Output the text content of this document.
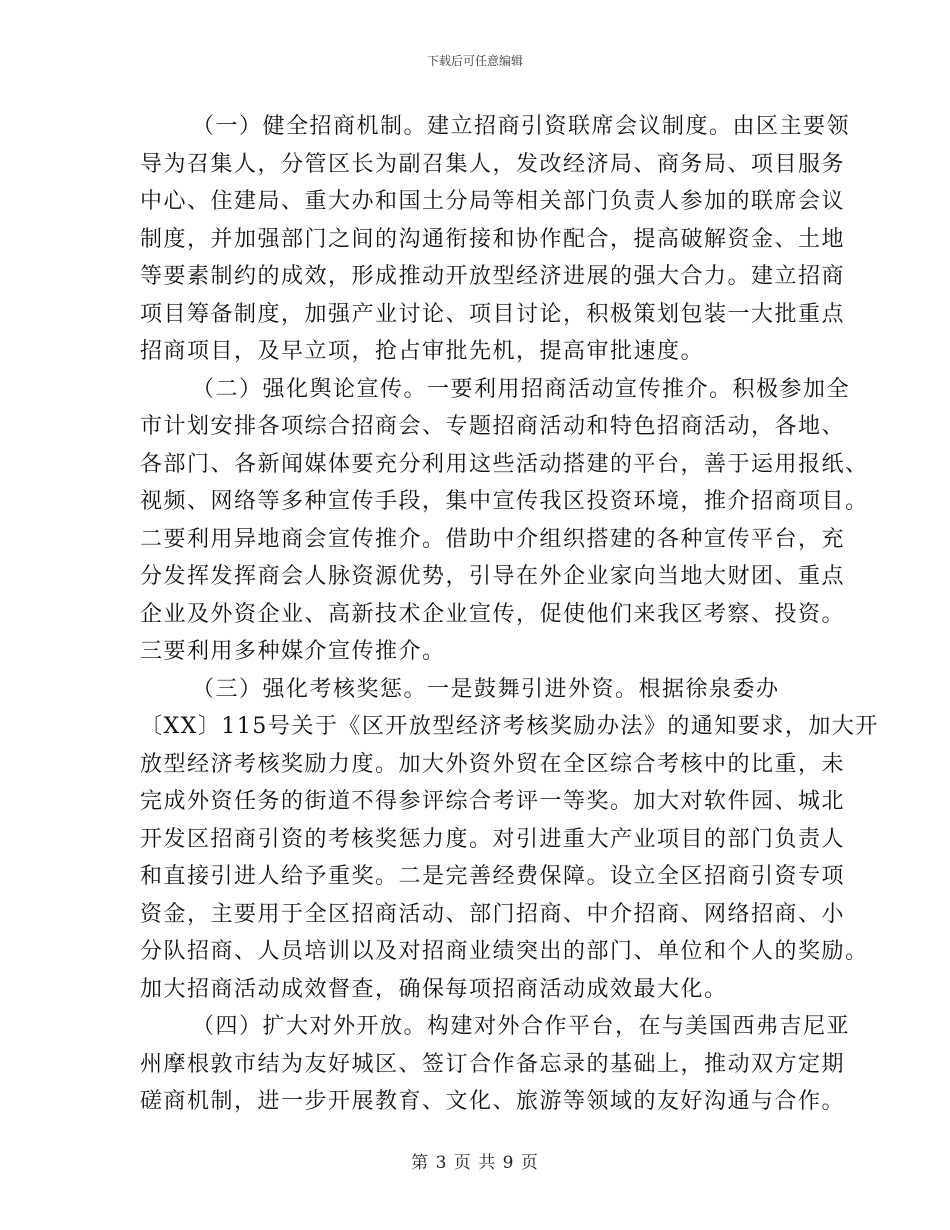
下载后可任意编辑

（一）健全招商机制。建立招商引资联席会议制度。由区主要领
导为召集人，分管区长为副召集人，发改经济局、商务局、项目服务
中心、住建局、重大办和国土分局等相关部门负责人参加的联席会议
制度，并加强部门之间的沟通衔接和协作配合，提高破解资金、土地
等要素制约的成效，形成推动开放型经济进展的强大合力。建立招商
项目筹备制度，加强产业讨论、项目讨论，积极策划包装一大批重点
招商项目，及早立项，抢占审批先机，提高审批速度。

（二）强化舆论宣传。一要利用招商活动宣传推介。积极参加全
市计划安排各项综合招商会、专题招商活动和特色招商活动，各地、
各部门、各新闻媒体要充分利用这些活动搭建的平台，善于运用报纸、
视频、网络等多种宣传手段，集中宣传我区投资环境，推介招商项目。
二要利用异地商会宣传推介。借助中介组织搭建的各种宣传平台，充
分发挥发挥商会人脉资源优势，引导在外企业家向当地大财团、重点
企业及外资企业、高新技术企业宣传，促使他们来我区考察、投资。
三要利用多种媒介宣传推介。

（三）强化考核奖惩。一是鼓舞引进外资。根据徐泉委办
〔XX〕115号关于《区开放型经济考核奖励办法》的通知要求，加大开
放型经济考核奖励力度。加大外资外贸在全区综合考核中的比重，未
完成外资任务的街道不得参评综合考评一等奖。加大对软件园、城北
开发区招商引资的考核奖惩力度。对引进重大产业项目的部门负责人
和直接引进人给予重奖。二是完善经费保障。设立全区招商引资专项
资金，主要用于全区招商活动、部门招商、中介招商、网络招商、小
分队招商、人员培训以及对招商业绩突出的部门、单位和个人的奖励。
加大招商活动成效督查，确保每项招商活动成效最大化。

（四）扩大对外开放。构建对外合作平台，在与美国西弗吉尼亚
州摩根敦市结为友好城区、签订合作备忘录的基础上，推动双方定期
磋商机制，进一步开展教育、文化、旅游等领域的友好沟通与合作。

第 3 页 共 9 页
